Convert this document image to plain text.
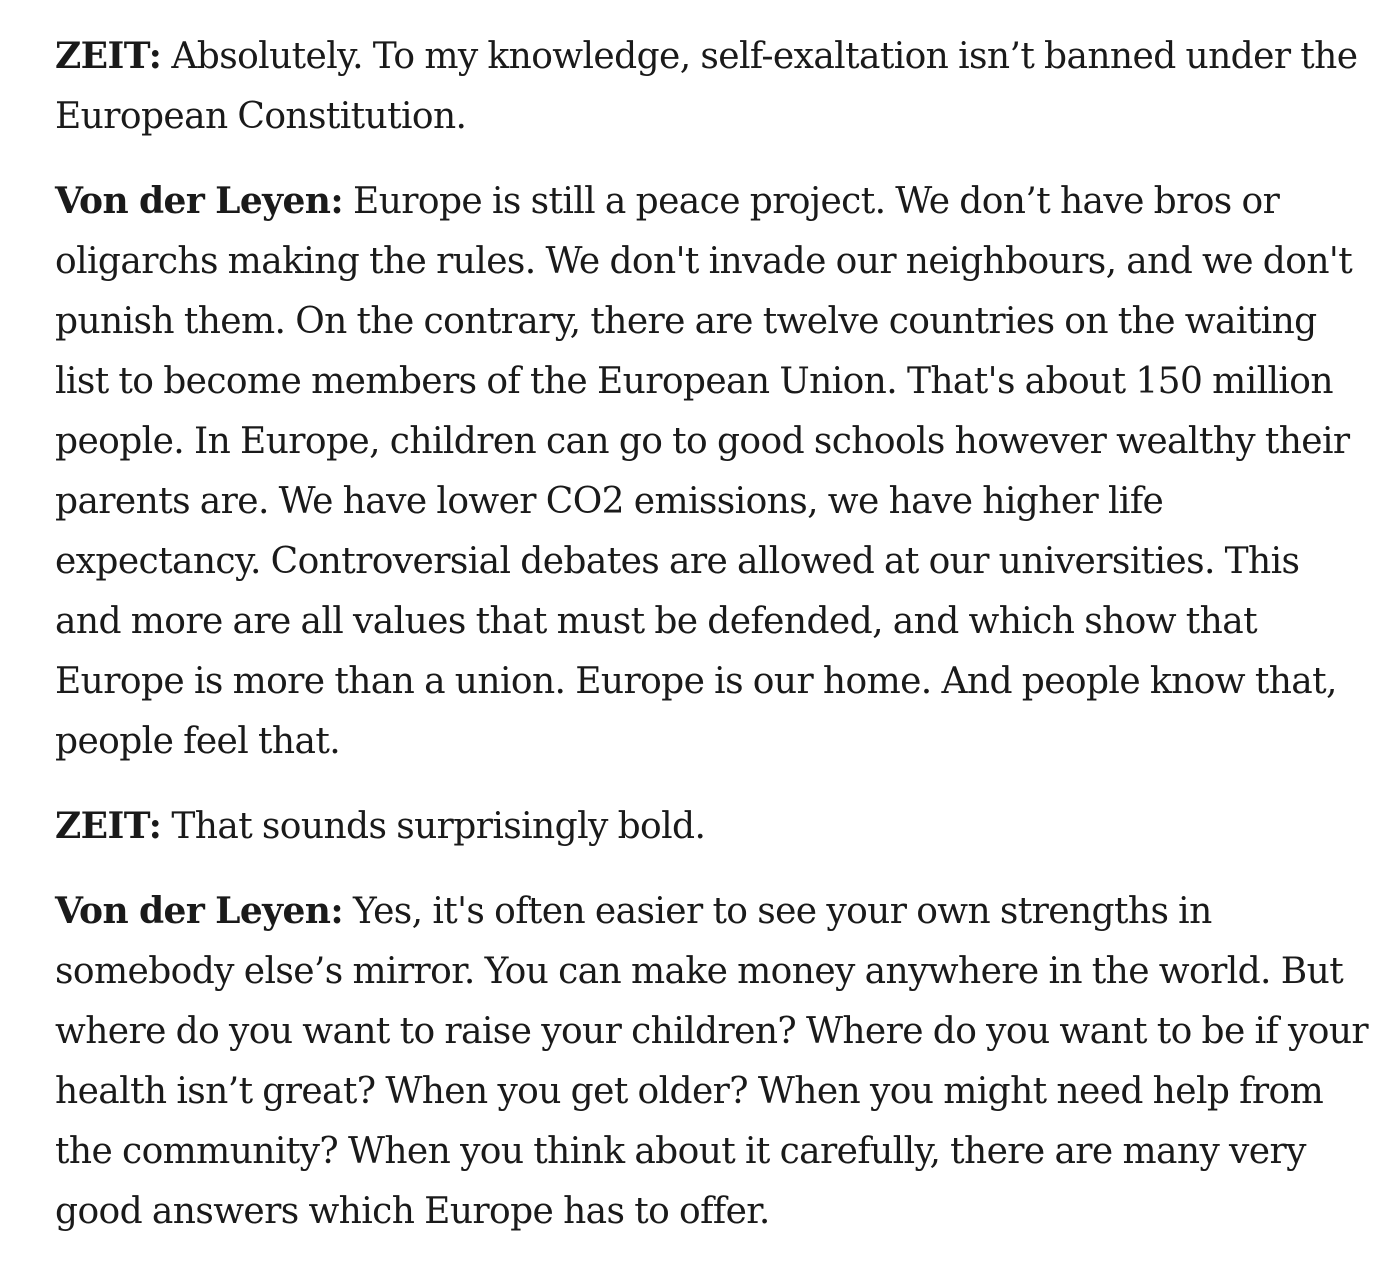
ZEIT: Absolutely. To my knowledge, self-exaltation isn’t banned under the European Constitution.

Von der Leyen: Europe is still a peace project. We don’t have bros or oligarchs making the rules. We don't invade our neighbours, and we don't punish them. On the contrary, there are twelve countries on the waiting list to become members of the European Union. That's about 150 million people. In Europe, children can go to good schools however wealthy their parents are. We have lower CO2 emissions, we have higher life expectancy. Controversial debates are allowed at our universities. This and more are all values that must be defended, and which show that Europe is more than a union. Europe is our home. And people know that, people feel that.

ZEIT: That sounds surprisingly bold.

Von der Leyen: Yes, it's often easier to see your own strengths in somebody else’s mirror. You can make money anywhere in the world. But where do you want to raise your children? Where do you want to be if your health isn’t great? When you get older? When you might need help from the community? When you think about it carefully, there are many very good answers which Europe has to offer.
